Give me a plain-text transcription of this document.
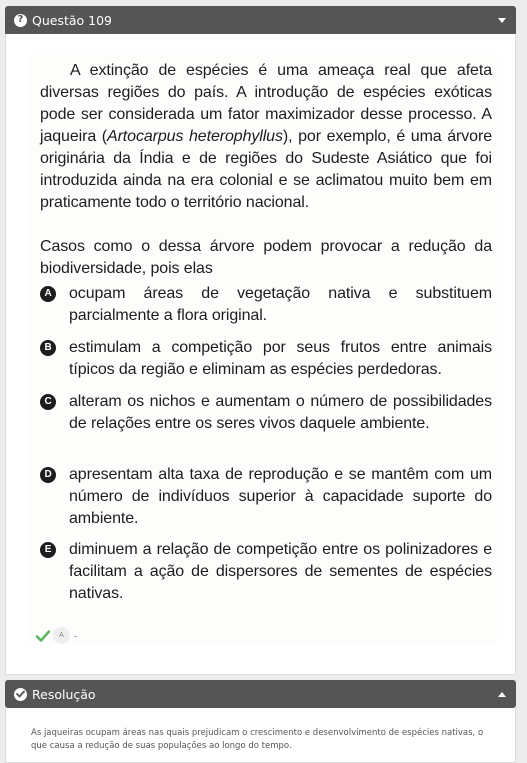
? Questão 109

A extinção de espécies é uma ameaça real que afeta diversas regiões do país. A introdução de espécies exóticas pode ser considerada um fator maximizador desse processo. A jaqueira (Artocarpus heterophyllus), por exemplo, é uma árvore originária da Índia e de regiões do Sudeste Asiático que foi introduzida ainda na era colonial e se aclimatou muito bem em praticamente todo o território nacional.

Casos como o dessa árvore podem provocar a redução da biodiversidade, pois elas

A ocupam áreas de vegetação nativa e substituem parcialmente a flora original.
B estimulam a competição por seus frutos entre animais típicos da região e eliminam as espécies perdedoras.
C alteram os nichos e aumentam o número de possibilidades de relações entre os seres vivos daquele ambiente.
D apresentam alta taxa de reprodução e se mantêm com um número de indivíduos superior à capacidade suporte do ambiente.
E diminuem a relação de competição entre os polinizadores e facilitam a ação de dispersores de sementes de espécies nativas.
A	-
Resolução

As jaqueiras ocupam áreas nas quais prejudicam o crescimento e desenvolvimento de espécies nativas, o que causa a redução de suas populações ao longo do tempo.
